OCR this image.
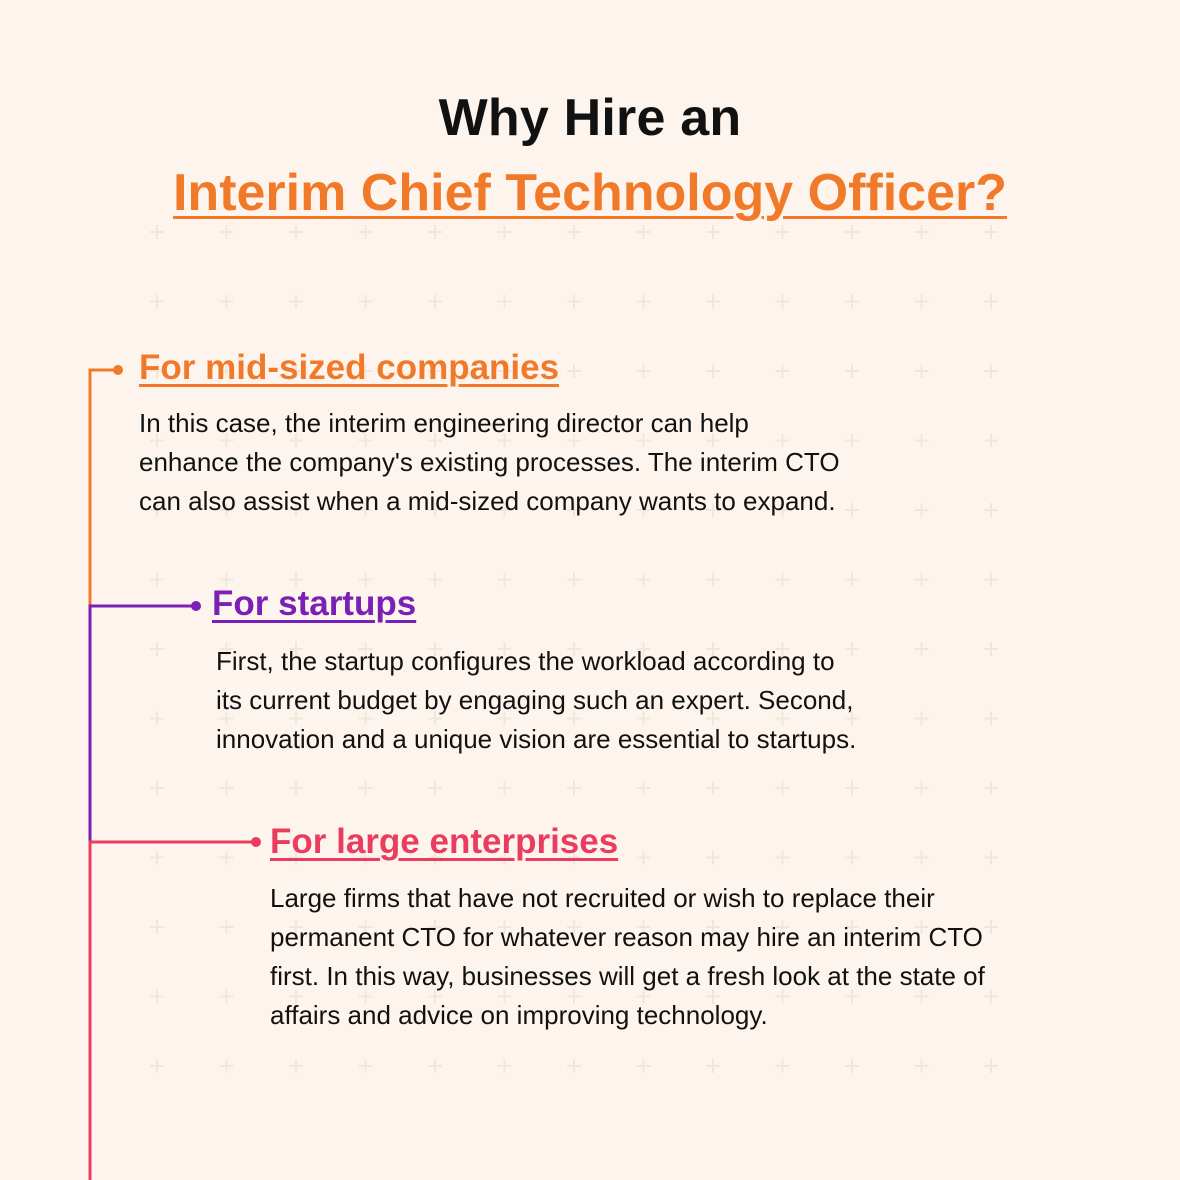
Why Hire an
Interim Chief Technology Officer?
For mid-sized companies
In this case, the interim engineering director can help
enhance the company's existing processes. The interim CTO
can also assist when a mid-sized company wants to expand.
For startups
First, the startup configures the workload according to
its current budget by engaging such an expert. Second,
innovation and a unique vision are essential to startups.
For large enterprises
Large firms that have not recruited or wish to replace their
permanent CTO for whatever reason may hire an interim CTO
first. In this way, businesses will get a fresh look at the state of
affairs and advice on improving technology.
